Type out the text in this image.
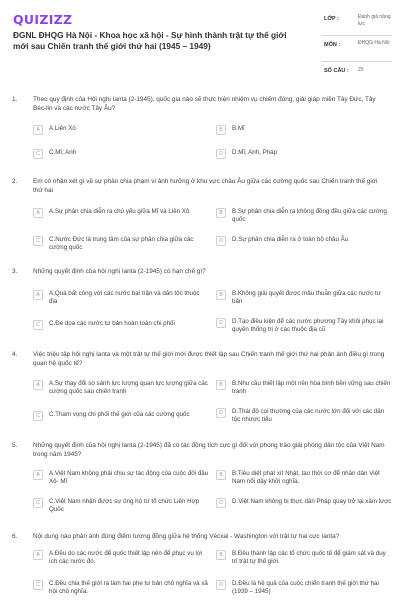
QUIZIZZ
ĐGNL ĐHQG Hà Nội - Khoa học xã hội - Sự hình thành trật tự thế giới mới sau Chiến tranh thế giới thứ hai (1945 – 1949)
LỚP :	Đánh giá năng lực
MÔN :	ĐHQG Hà Nội
SỐ CÂU : 25
1. Theo quy định của Hội nghị Ianta (2-1945), quốc gia nào sẽ thực hiện nhiệm vụ chiếm đóng, giải giáp miền Tây Đức, Tây Béc-lin và các nước Tây Âu?
A	A.Liên Xô	B	B.Mĩ
C	C.Mĩ, Anh	D	D.Mĩ, Anh, Pháp
2. Em có nhận xét gì về sự phân chia phạm vi ảnh hưởng ở khu vực châu Âu giữa các cường quốc sau Chiến tranh thế giới thứ hai
A	A.Sự phân chia diễn ra chủ yếu giữa Mĩ và Liên Xô	B	B.Sự phân chia diễn ra không đồng đều giữa các cường quốc
C	C.Nước Đức là trung tâm của sự phân chia giữa các cường quốc
D	D.Sự phân chia diễn ra ở toàn bộ châu Âu
3. Những quyết định của hội nghị Ianta (2-1945) có hạn chế gì?
A	A.Quá bất công với các nước bại trận và dân tộc thuộc địa
B	B.Không giải quyết được mâu thuẫn giữa các nước tư bản
C	C.Đe dọa các nước tư bản hoàn toàn chi phối	D	D.Tạo điều kiện để các nước phương Tây khôi phục lại quyền thống trị ở các thuộc địa cũ
4. Việc triệu tập hội nghị Ianta và một trật tự thế giới mới được thiết lập sau Chiến tranh thế giới thứ hai phản ánh điều gì trong quan hệ quốc tế?
A	A.Sự thay đổi so sánh lực lượng quan lực lượng giữa các cường quốc sau chiến tranh
B	B.Nhu cầu thiết lập một nền hòa bình bền vững sau chiến tranh
C	C.Tham vọng chi phối thế giới của các cường quốc	D	D.Thái độ coi thường của các nước lớn đối với các dân tộc nhược tiểu
5. Những quyết định của hội nghị Ianta (2-1945) đã có tác động tích cực gì đối với phong trào giải phóng dân tộc của Việt Nam trong năm 1945?
A	A.Việt Nam không phải chịu sự tác động của cuộc đối đầu Xô- Mĩ
B	B.Tiêu diệt phát xít Nhật, tạo thời cơ để nhân dân Việt Nam nổi dậy khởi nghĩa.
C	C.Việt Nam nhận được sự ủng hộ từ tổ chức Liên Hợp Quốc
D	D.Việt Nam không bị thực dân Pháp quay trở lại xâm lược
6. Nội dung nào phản ánh đúng điểm tương đồng giữa hệ thống Vécxai - Washington với trật tự hai cực Ianta?
A	A.Đều do các nước để quốc thiết lập nên để phục vụ lợi ích các nước đó.
B	B.Đều thành lập các tổ chức quốc tế để giám sát và duy trì trật tự thế giới.
C	C.Đều chia thế giới ra làm hai phe tư bản chủ nghĩa và xã hội chủ nghĩa.
D	D.Đều là hệ quả của cuộc chiến tranh thế giới thứ hai (1939 – 1945)
